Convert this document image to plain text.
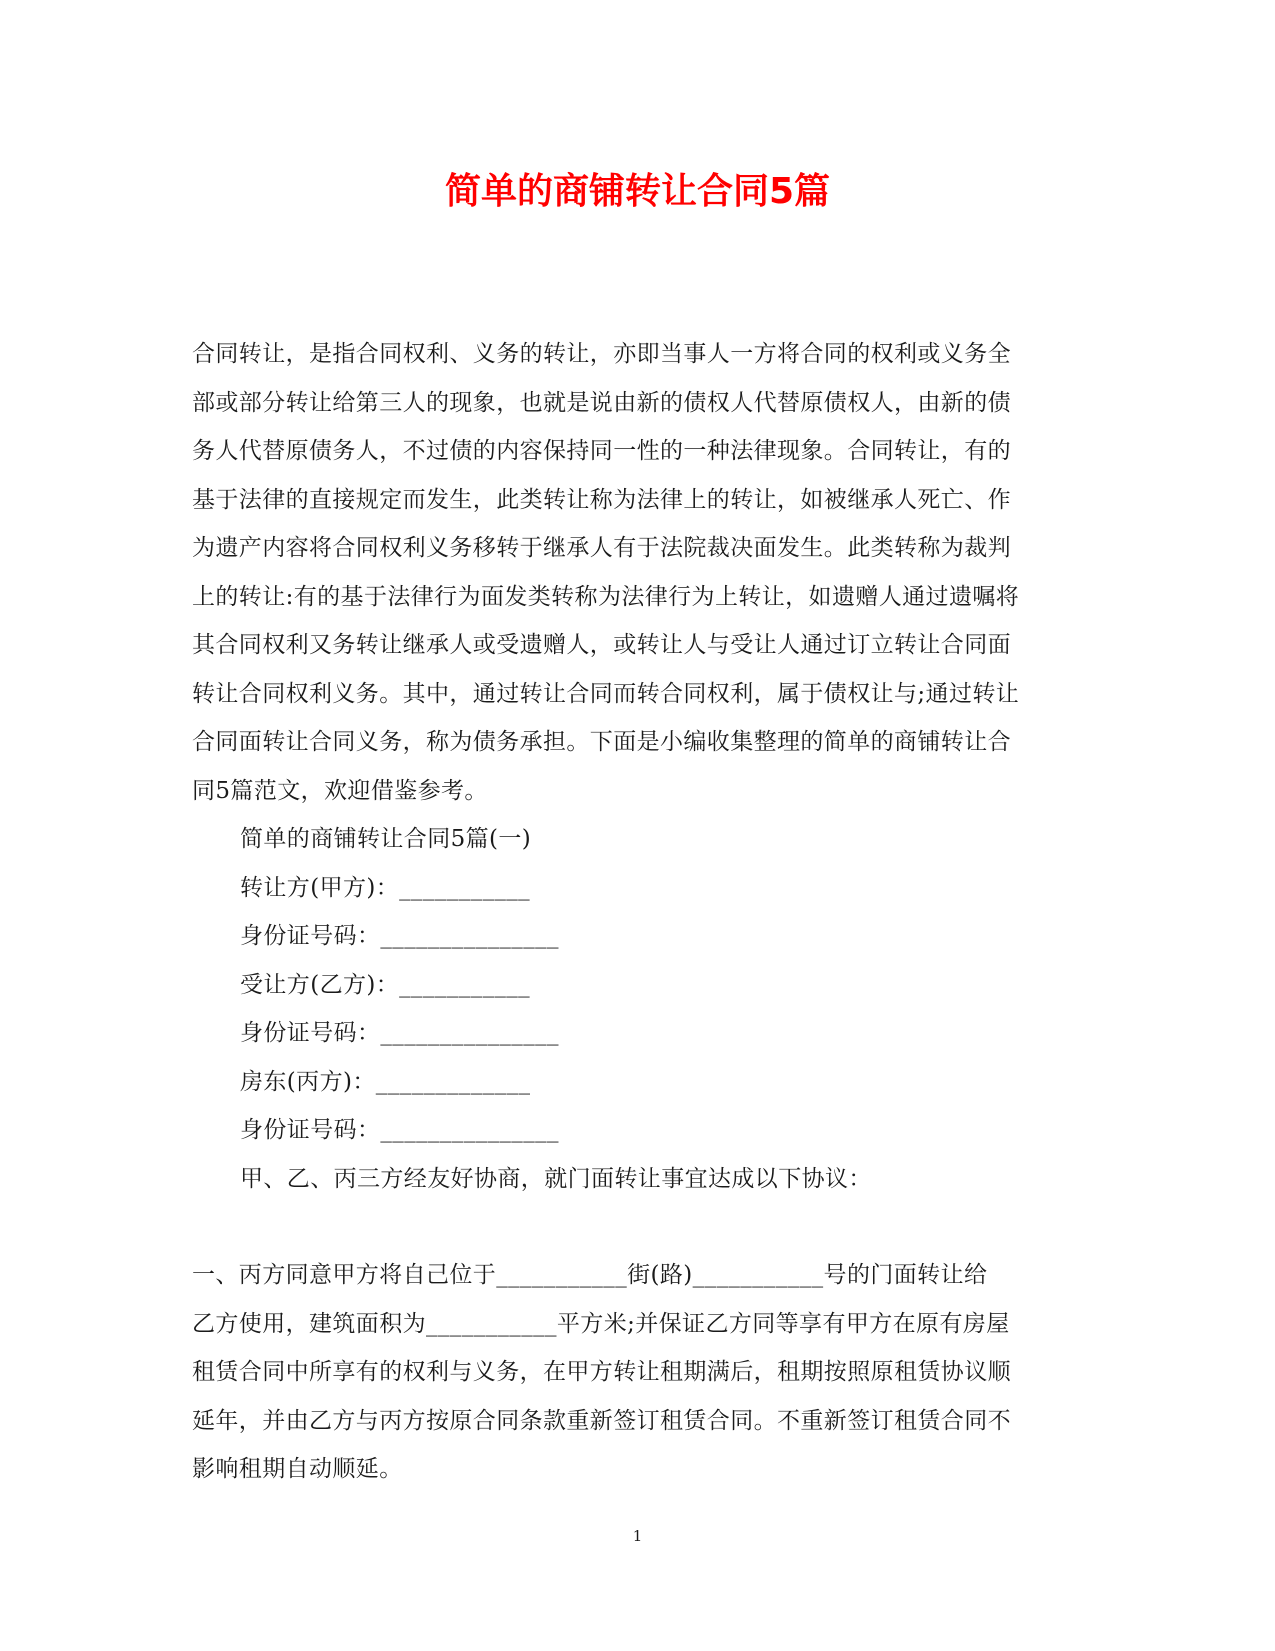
简单的商铺转让合同5篇

合同转让，是指合同权利、义务的转让，亦即当事人一方将合同的权利或义务全

部或部分转让给第三人的现象，也就是说由新的债权人代替原债权人，由新的债

务人代替原债务人，不过债的内容保持同一性的一种法律现象。合同转让，有的

基于法律的直接规定而发生，此类转让称为法律上的转让，如被继承人死亡、作

为遗产内容将合同权利义务移转于继承人有于法院裁决面发生。此类转称为裁判

上的转让:有的基于法律行为面发类转称为法律行为上转让，如遗赠人通过遗嘱将

其合同权利又务转让继承人或受遗赠人，或转让人与受让人通过订立转让合同面

转让合同权利义务。其中，通过转让合同而转合同权利，属于债权让与;通过转让

合同面转让合同义务，称为债务承担。下面是小编收集整理的简单的商铺转让合

同5篇范文，欢迎借鉴参考。

简单的商铺转让合同5篇(一)

转让方(甲方)：___________

身份证号码：_______________

受让方(乙方)：___________

身份证号码：_______________

房东(丙方)：_____________

身份证号码：_______________

甲、乙、丙三方经友好协商，就门面转让事宜达成以下协议：

一、丙方同意甲方将自己位于___________街(路)___________号的门面转让给

乙方使用，建筑面积为___________平方米;并保证乙方同等享有甲方在原有房屋

租赁合同中所享有的权利与义务，在甲方转让租期满后，租期按照原租赁协议顺

延年，并由乙方与丙方按原合同条款重新签订租赁合同。不重新签订租赁合同不

影响租期自动顺延。

1
